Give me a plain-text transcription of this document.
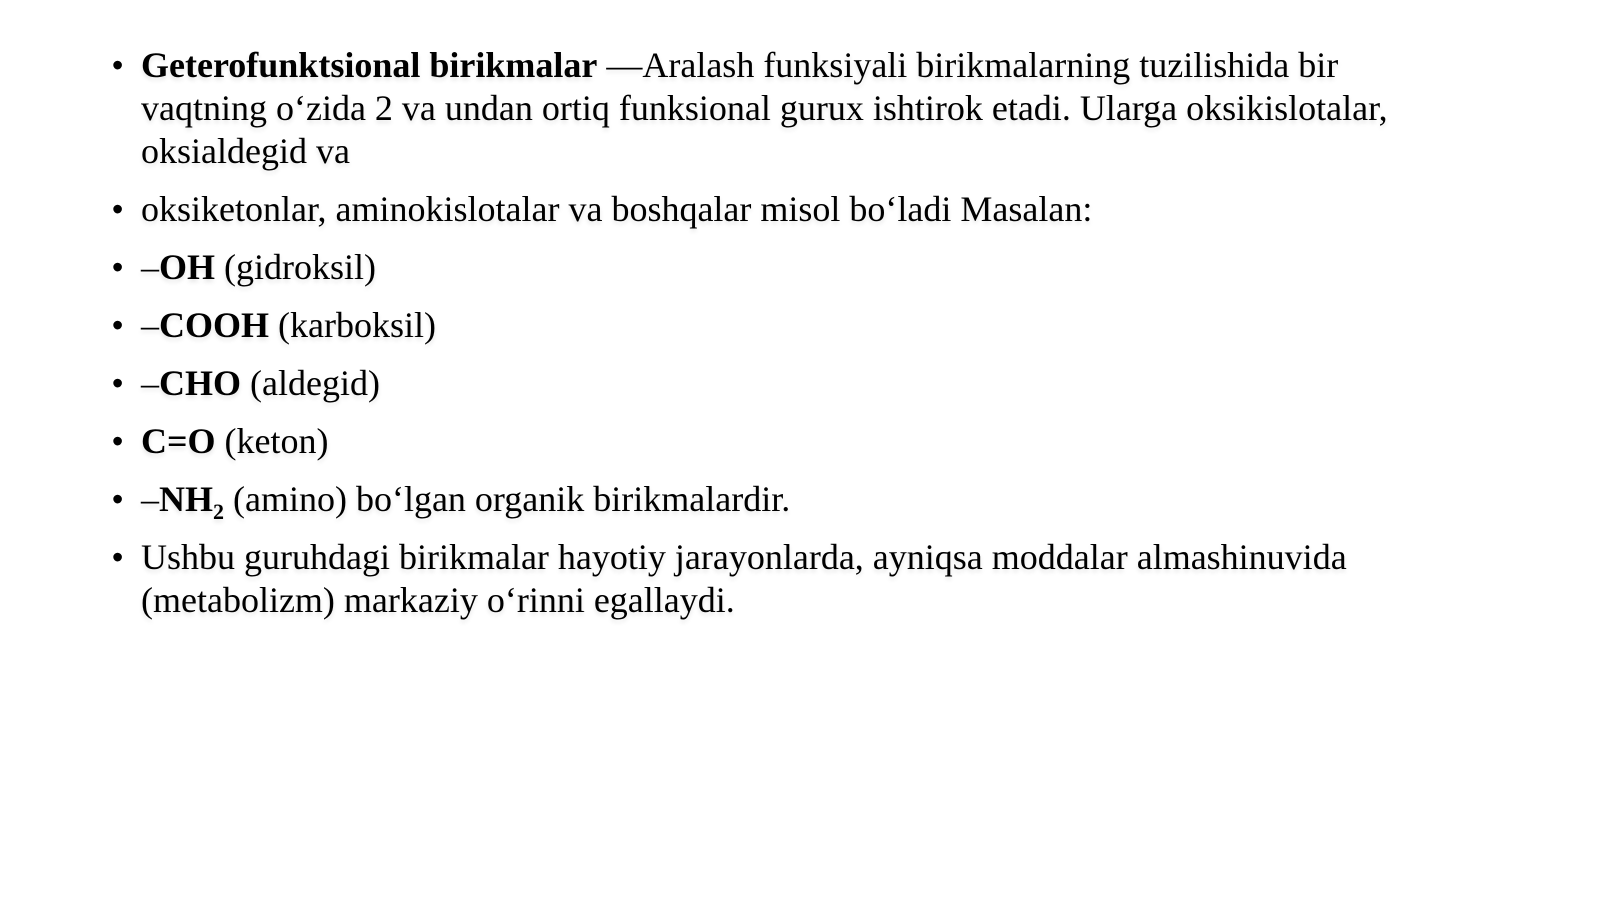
• Geterofunktsional birikmalar —Aralash funksiyali birikmalarning tuzilishida bir vaqtning oʻzida 2 va undan ortiq funksional gurux ishtirok etadi. Ularga oksikislotalar, oksialdegid va
• oksiketonlar, aminokislotalar va boshqalar misol boʻladi Masalan:
• –OH (gidroksil)
• –COOH (karboksil)
• –CHO (aldegid)
• C=O (keton)
• $-NH_2$ (amino) boʻlgan organik birikmalardir.
• Ushbu guruhdagi birikmalar hayotiy jarayonlarda, ayniqsa moddalar almashinuvida (metabolizm) markaziy oʻrinni egallaydi.
